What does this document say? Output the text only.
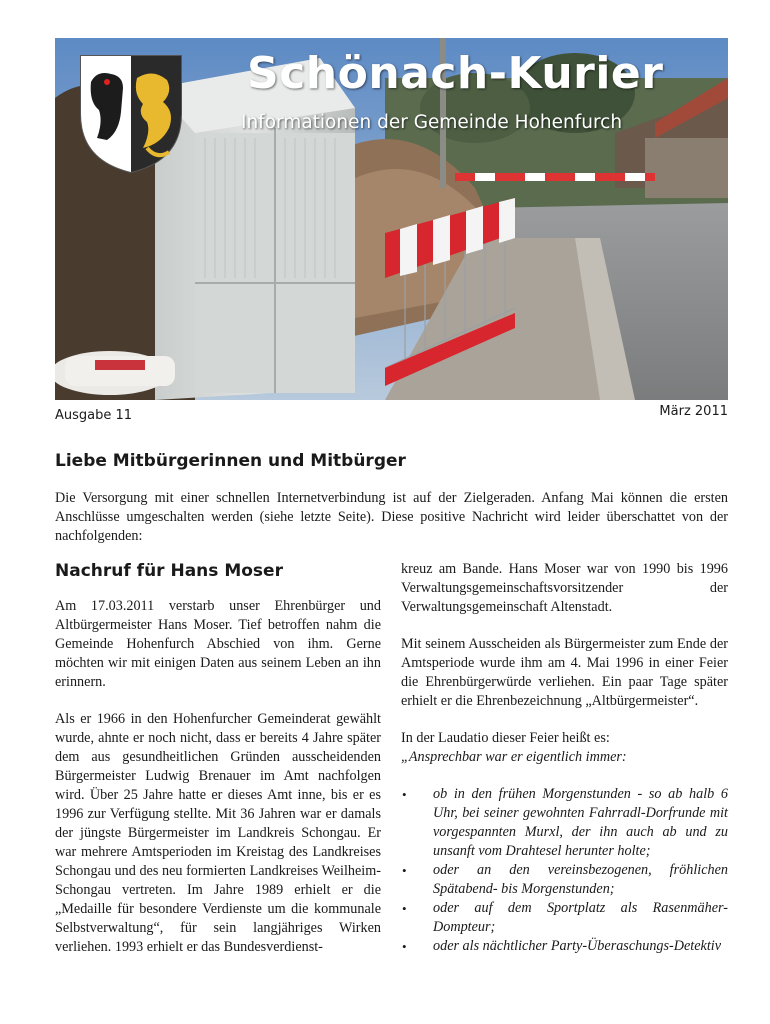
Schönach-Kurier
Informationen der Gemeinde Hohenfurch
Ausgabe 11	März 2011
Liebe Mitbürgerinnen und Mitbürger

Die Versorgung mit einer schnellen Internetverbindung ist auf der Zielgeraden. Anfang Mai können die ersten Anschlüsse umgeschalten werden (siehe letzte Seite). Diese positive Nachricht wird leider überschattet von der nachfolgenden:

Nachruf für Hans Moser

Am 17.03.2011 verstarb unser Ehrenbürger und Altbürgermeister Hans Moser. Tief betroffen nahm die Gemeinde Hohenfurch Abschied von ihm. Gerne möchten wir mit einigen Daten aus seinem Leben an ihn erinnern.

Als er 1966 in den Hohenfurcher Gemeinderat gewählt wurde, ahnte er noch nicht, dass er bereits 4 Jahre später dem aus gesundheitlichen Gründen ausscheidenden Bürgermeister Ludwig Brenauer im Amt nachfolgen wird. Über 25 Jahre hatte er dieses Amt inne, bis er es 1996 zur Verfügung stellte. Mit 36 Jahren war er damals der jüngste Bürgermeister im Landkreis Schongau. Er war mehrere Amtsperioden im Kreistag des Landkreises Schongau und des neu formierten Landkreises Weilheim-Schongau vertreten. Im Jahre 1989 erhielt er die „Medaille für besondere Verdienste um die kommunale Selbstverwaltung“, für sein langjähriges Wirken verliehen. 1993 erhielt er das Bundesverdienst-

kreuz am Bande. Hans Moser war von 1990 bis 1996 Verwaltungsgemeinschaftsvorsitzender der Verwaltungsgemeinschaft Altenstadt.

Mit seinem Ausscheiden als Bürgermeister zum Ende der Amtsperiode wurde ihm am 4. Mai 1996 in einer Feier die Ehrenbürgerwürde verliehen. Ein paar Tage später erhielt er die Ehrenbezeichnung „Altbürgermeister“.

In der Laudatio dieser Feier heißt es:

„Ansprechbar war er eigentlich immer:

• ob in den frühen Morgenstunden - so ab halb 6 Uhr, bei seiner gewohnten Fahrradl-Dorfrunde mit vorgespannten Murxl, der ihn auch ab und zu unsanft vom Drahtesel herunter holte;
• oder an den vereinsbezogenen, fröhlichen Spätabend- bis Morgenstunden;
• oder auf dem Sportplatz als Rasenmäher-Dompteur;
• oder als nächtlicher Party-Überaschungs-Detektiv
